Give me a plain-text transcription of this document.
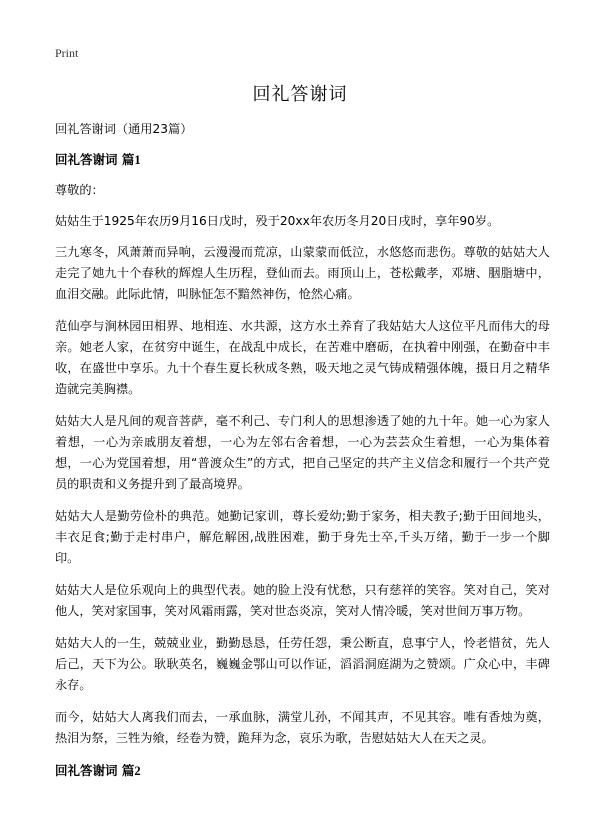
Print
回礼答谢词

回礼答谢词（通用23篇）

回礼答谢词 篇1

尊敬的：

姑姑生于1925年农历9月16日戊时，殁于20xx年农历冬月20日戌时，享年90岁。

三九寒冬，风萧萧而异响，云漫漫而荒凉，山蒙蒙而低泣，水悠悠而悲伤。尊敬的姑姑大人走完了她九十个春秋的辉煌人生历程，登仙而去。雨顶山上，苍松戴孝，邓塘、胭脂塘中，血泪交融。此际此情，叫脉怔怎不黯然神伤，怆然心痛。

范仙亭与涧林园田相界、地相连、水共源，这方水土养育了我姑姑大人这位平凡而伟大的母亲。她老人家，在贫穷中诞生，在战乱中成长，在苦难中磨砺，在执着中刚强，在勤奋中丰收，在盛世中享乐。九十个春生夏长秋成冬熟，吸天地之灵气铸成精强体魄，摄日月之精华造就完美胸襟。

姑姑大人是凡间的观音菩萨，毫不利己、专门利人的思想渗透了她的九十年。她一心为家人着想，一心为亲戚朋友着想，一心为左邻右舍着想，一心为芸芸众生着想，一心为集体着想，一心为党国着想，用“普渡众生”的方式，把自己坚定的共产主义信念和履行一个共产党员的职责和义务提升到了最高境界。

姑姑大人是勤劳俭朴的典范。她勤记家训，尊长爱幼;勤于家务，相夫教子;勤于田间地头，丰衣足食;勤于走村串户，解危解困,战胜困难，勤于身先士卒,千头万绪，勤于一步一个脚印。

姑姑大人是位乐观向上的典型代表。她的脸上没有忧愁，只有慈祥的笑容。笑对自己，笑对他人，笑对家国事，笑对风霜雨露，笑对世态炎凉，笑对人情冷暖，笑对世间万事万物。

姑姑大人的一生，兢兢业业，勤勤恳恳，任劳任怨，秉公断直，息事宁人，怜老惜贫，先人后己，天下为公。耿耿英名，巍巍金鄂山可以作证，滔滔洞庭湖为之赞颂。广众心中，丰碑永存。

而今，姑姑大人离我们而去，一承血脉，满堂儿孙，不闻其声，不见其容。唯有香烛为奠，热泪为祭，三牲为飨，经卷为赞，跪拜为念，哀乐为歌，告慰姑姑大人在天之灵。

回礼答谢词 篇2
